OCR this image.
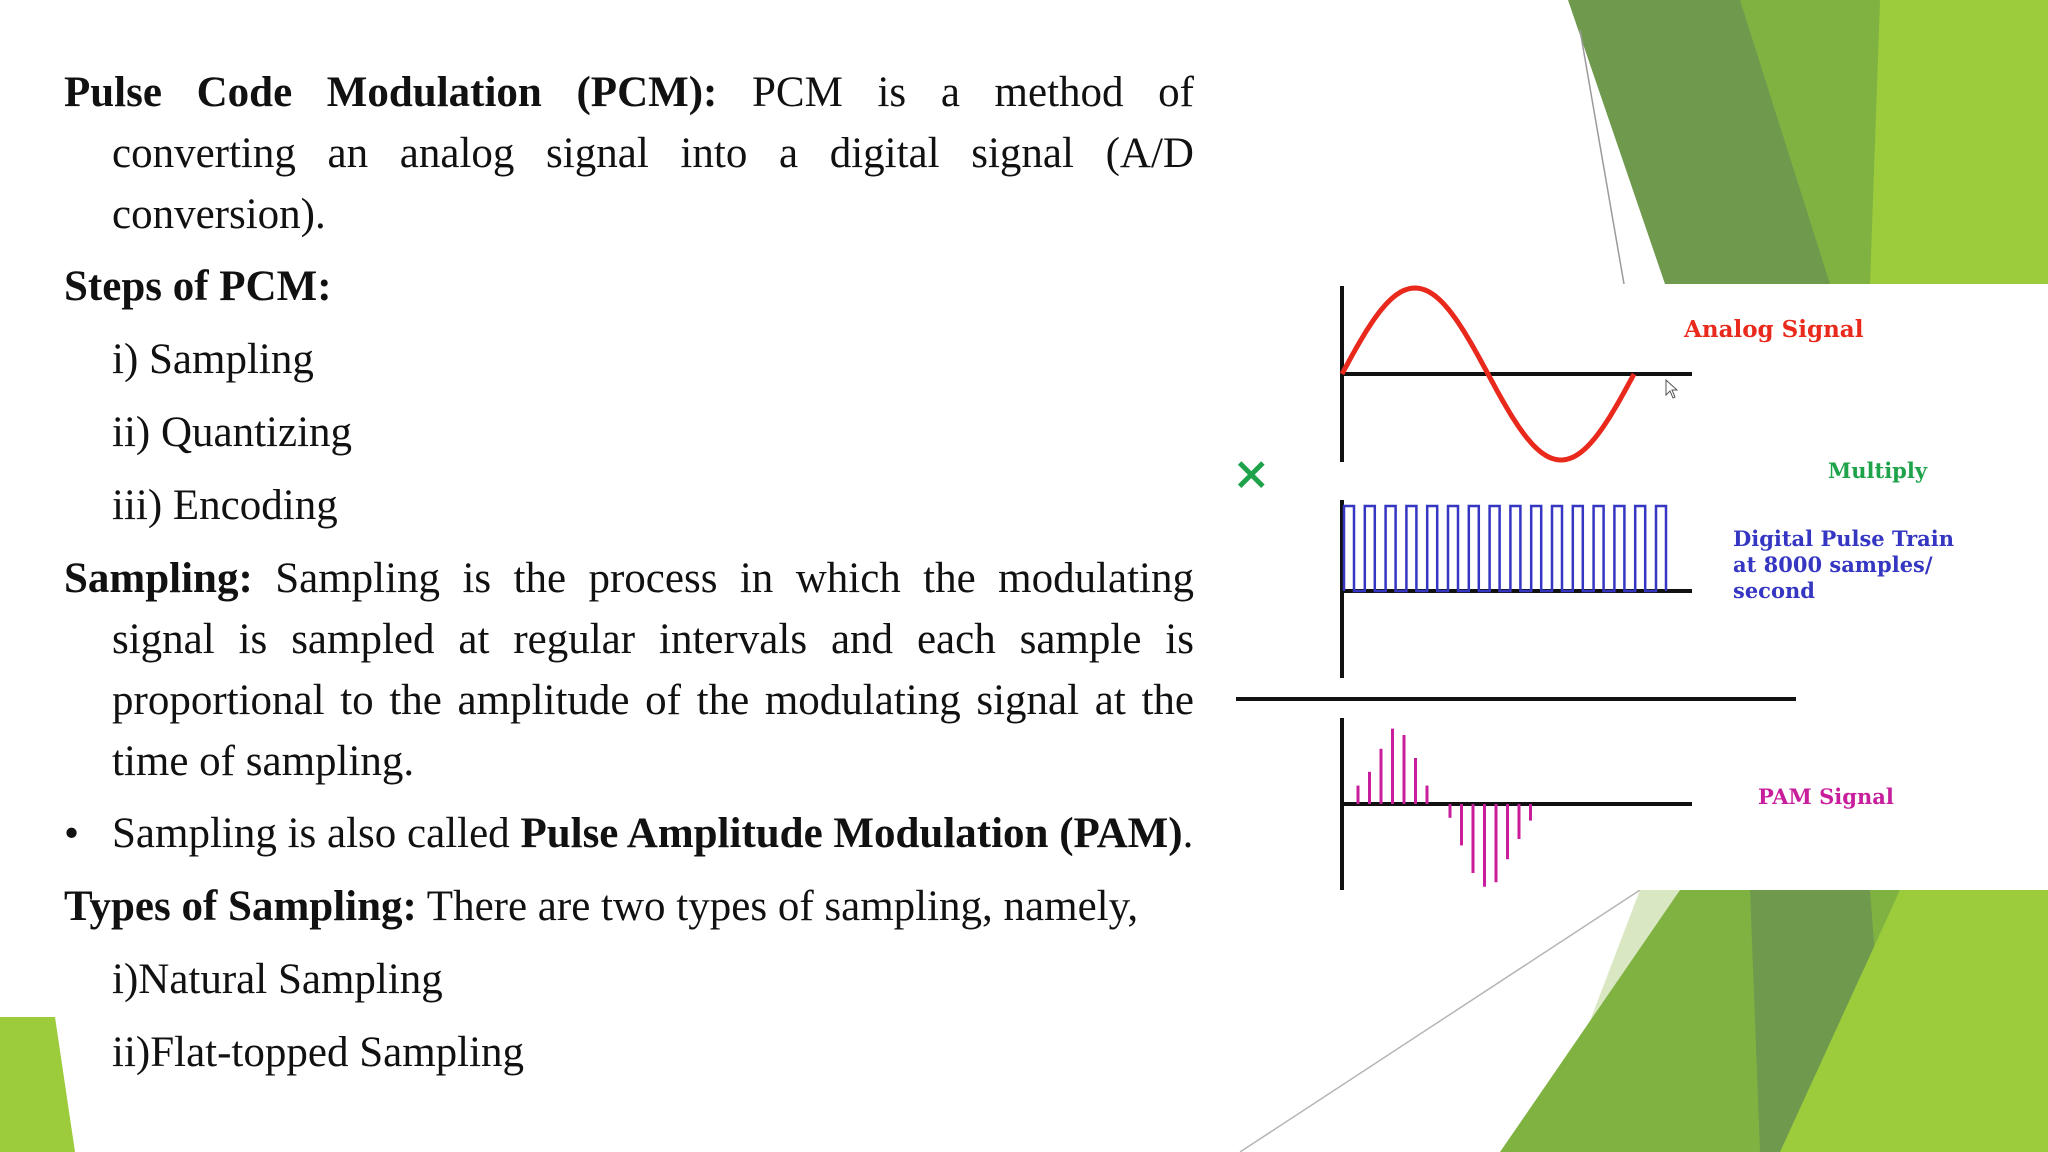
Pulse Code Modulation (PCM): PCM is a method of converting an analog signal into a digital signal (A/D conversion).

Steps of PCM:

i) Sampling

ii) Quantizing

iii) Encoding

Sampling: Sampling is the process in which the modulating signal is sampled at regular intervals and each sample is proportional to the amplitude of the modulating signal at the time of sampling.

• Sampling is also called Pulse Amplitude Modulation (PAM).

Types of Sampling: There are two types of sampling, namely,

i)Natural Sampling

ii)Flat-topped Sampling

Analog Signal
×	Multiply
Digital Pulse Train
at 8000 samples/
second
PAM Signal
